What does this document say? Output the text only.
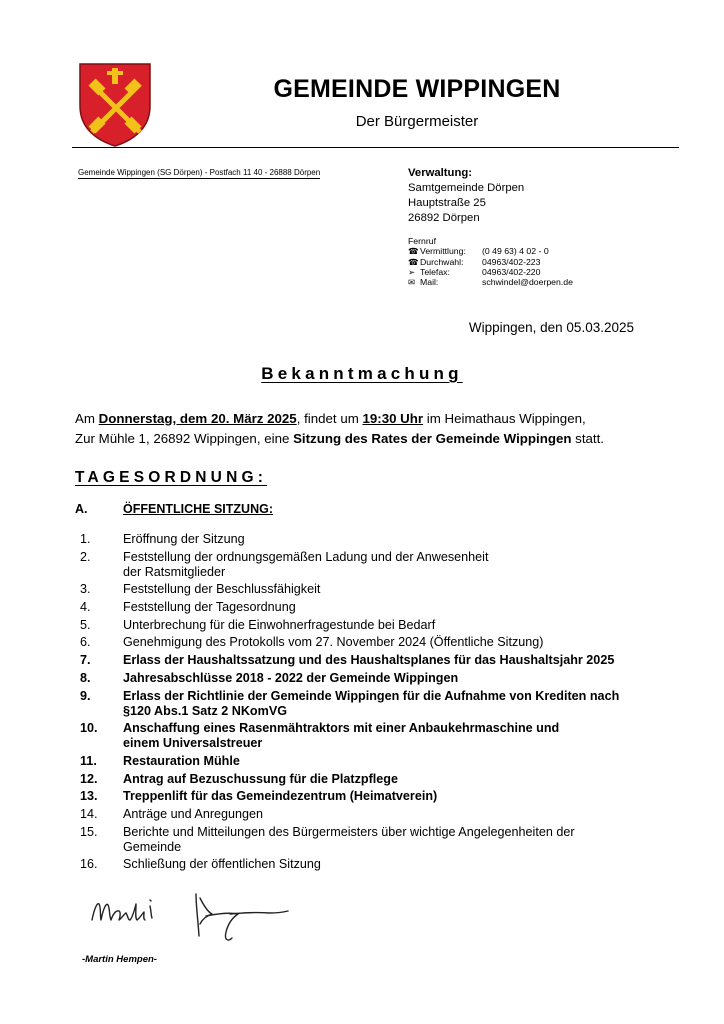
GEMEINDE WIPPINGEN
Der Bürgermeister
Gemeinde Wippingen (SG Dörpen) - Postfach 11 40 - 26888 Dörpen	Verwaltung:
Samtgemeinde Dörpen
Hauptstraße 25
26892 Dörpen
Fernruf
☎ Vermittlung:	(0 49 63) 4 02 - 0
☎ Durchwahl:	04963/402-223
➢ Telefax:	04963/402-220
✉ Mail:	schwindel@doerpen.de
Wippingen, den 05.03.2025
Bekanntmachung
Am Donnerstag, dem 20. März 2025, findet um 19:30 Uhr im Heimathaus Wippingen,
Zur Mühle 1, 26892 Wippingen, eine Sitzung des Rates der Gemeinde Wippingen statt.
TAGESORDNUNG:
A.	ÖFFENTLICHE SITZUNG:
1.	Eröffnung der Sitzung
2.	Feststellung der ordnungsgemäßen Ladung und der Anwesenheit
der Ratsmitglieder
3.	Feststellung der Beschlussfähigkeit
4.	Feststellung der Tagesordnung
5.	Unterbrechung für die Einwohnerfragestunde bei Bedarf
6.	Genehmigung des Protokolls vom 27. November 2024 (Öffentliche Sitzung)
7.	Erlass der Haushaltssatzung und des Haushaltsplanes für das Haushaltsjahr 2025
8.	Jahresabschlüsse 2018 - 2022 der Gemeinde Wippingen
9.	Erlass der Richtlinie der Gemeinde Wippingen für die Aufnahme von Krediten nach
§120 Abs.1 Satz 2 NKomVG
10.	Anschaffung eines Rasenmähtraktors mit einer Anbaukehrmaschine und
einem Universalstreuer
11.	Restauration Mühle
12.	Antrag auf Bezuschussung für die Platzpflege
13.	Treppenlift für das Gemeindezentrum (Heimatverein)
14.	Anträge und Anregungen
15.	Berichte und Mitteilungen des Bürgermeisters über wichtige Angelegenheiten der
Gemeinde
16.	Schließung der öffentlichen Sitzung
-Martin Hempen-
